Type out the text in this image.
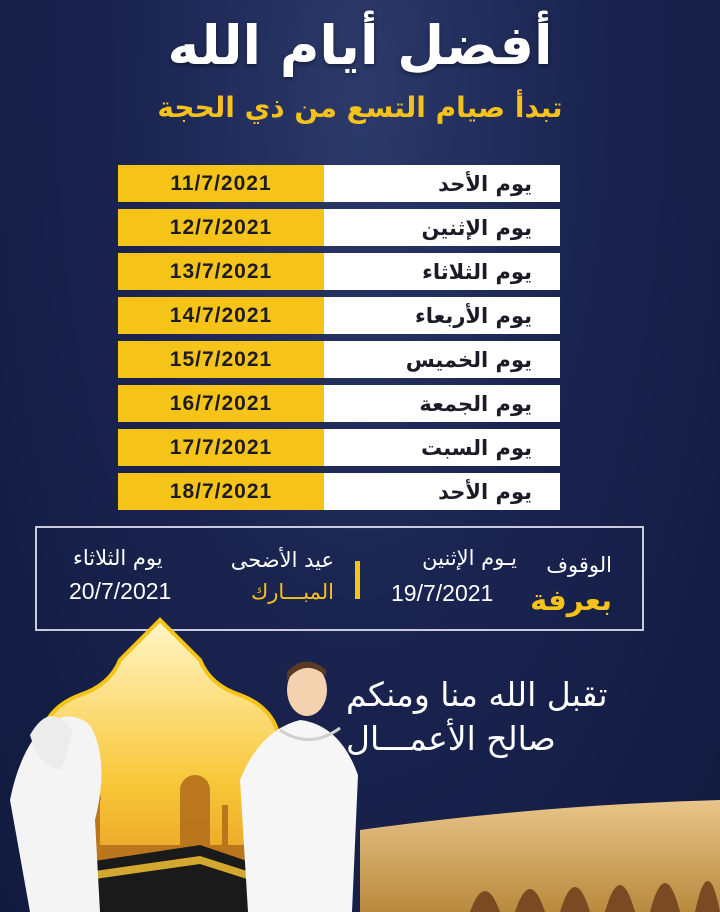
أفضل أيام الله
تبدأ صيام التسع من ذي الحجة
11/7/2021	يوم الأحد
12/7/2021	يوم الإثنين
13/7/2021	يوم الثلاثاء
14/7/2021	يوم الأربعاء
15/7/2021	يوم الخميس
16/7/2021	يوم الجمعة
17/7/2021	يوم السبت
18/7/2021	يوم الأحد
الوقوف
بعرفة
يـوم الإثنين
19/7/2021
عيد الأضحى
المبـــارك
يوم الثلاثاء
20/7/2021
تقبل الله منا ومنكم
صالح الأعمـــال
